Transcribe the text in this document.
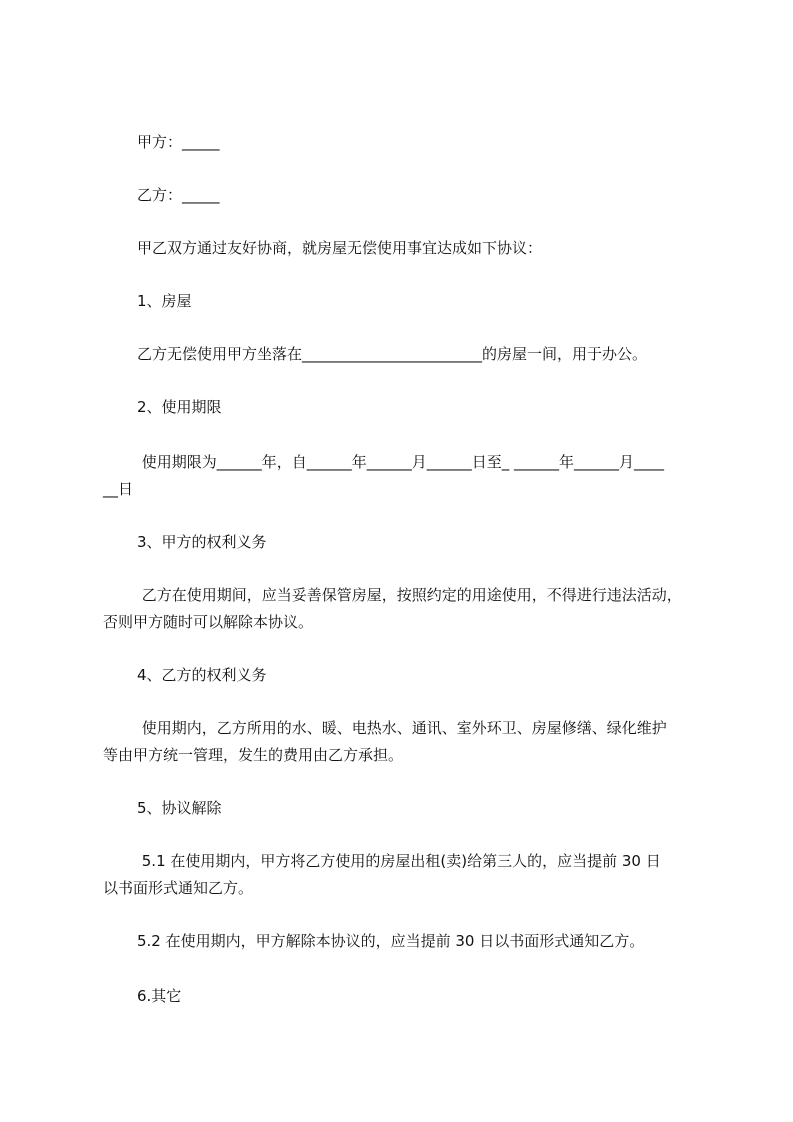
甲方：_____

乙方：_____

甲乙双方通过友好协商，就房屋无偿使用事宜达成如下协议：

1、房屋

乙方无偿使用甲方坐落在________________________的房屋一间，用于办公。

2、使用期限

使用期限为______年，自______年______月______日至_ ______年______月____

__日

3、甲方的权利义务

乙方在使用期间，应当妥善保管房屋，按照约定的用途使用，不得进行违法活动，

否则甲方随时可以解除本协议。

4、乙方的权利义务

使用期内，乙方所用的水、暖、电热水、通讯、室外环卫、房屋修缮、绿化维护

等由甲方统一管理，发生的费用由乙方承担。

5、协议解除

5.1 在使用期内，甲方将乙方使用的房屋出租(卖)给第三人的，应当提前 30 日

以书面形式通知乙方。

5.2 在使用期内，甲方解除本协议的，应当提前 30 日以书面形式通知乙方。

6.其它
